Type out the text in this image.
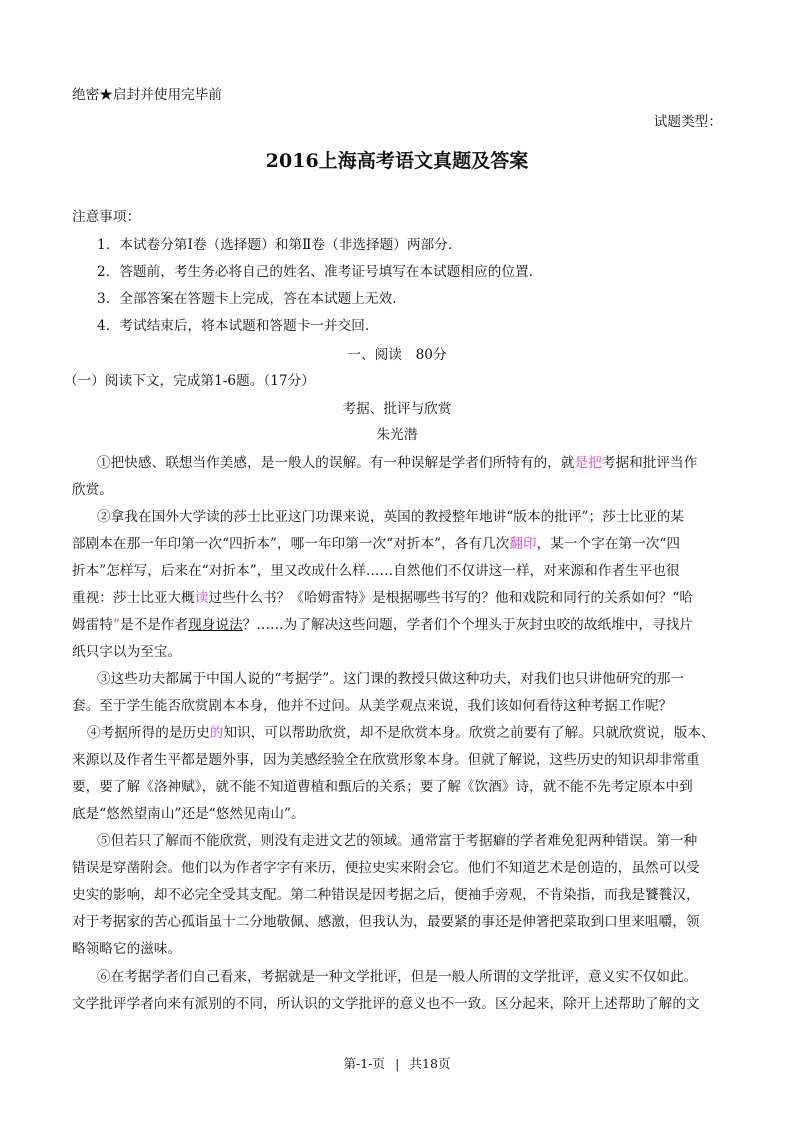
绝密★启封并使用完毕前
试题类型：
2016上海高考语文真题及答案
注意事项：
1．本试卷分第Ⅰ卷（选择题）和第Ⅱ卷（非选择题）两部分.
2．答题前，考生务必将自己的姓名、准考证号填写在本试题相应的位置.
3．全部答案在答题卡上完成，答在本试题上无效.
4．考试结束后，将本试题和答题卡一并交回.
一、阅读　80分
（一）阅读下文，完成第1-6题。（17分）
考据、批评与欣赏
朱光潜
①把快感、联想当作美感，是一般人的误解。有一种误解是学者们所特有的，就是把考据和批评当作
欣赏。
②拿我在国外大学读的莎士比亚这门功课来说，英国的教授整年地讲“版本的批评”；莎士比亚的某
部剧本在那一年印第一次“四折本”，哪一年印第一次“对折本”，各有几次翻印，某一个字在第一次“四
折本”怎样写，后来在“对折本”，里又改成什么样……自然他们不仅讲这一样，对来源和作者生平也很
重视：莎士比亚大概读过些什么书？《哈姆雷特》是根据哪些书写的？他和戏院和同行的关系如何？“哈
姆雷特”是不是作者现身说法？……为了解决这些问题，学者们个个埋头于灰封虫咬的故纸堆中，寻找片
纸只字以为至宝。
③这些功夫都属于中国人说的“考据学”。这门课的教授只做这种功夫，对我们也只讲他研究的那一
套。至于学生能否欣赏剧本本身，他并不过问。从美学观点来说，我们该如何看待这种考据工作呢？
④考据所得的是历史的知识，可以帮助欣赏，却不是欣赏本身。欣赏之前要有了解。只就欣赏说，版本、
来源以及作者生平都是题外事，因为美感经验全在欣赏形象本身。但就了解说，这些历史的知识却非常重
要，要了解《洛神赋》，就不能不知道曹植和甄后的关系；要了解《饮酒》诗，就不能不先考定原本中到
底是“悠然望南山”还是“悠然见南山”。
⑤但若只了解而不能欣赏，则没有走进文艺的领域。通常富于考据癖的学者难免犯两种错误。第一种
错误是穿凿附会。他们以为作者字字有来历，便拉史实来附会它。他们不知道艺术是创造的，虽然可以受
史实的影响，却不必完全受其支配。第二种错误是因考据之后，便袖手旁观，不肯染指，而我是饕餮汉，
对于考据家的苦心孤诣虽十二分地敬佩、感激，但我认为，最要紧的事还是伸箸把菜取到口里来咀嚼，领
略领略它的滋味。
⑥在考据学者们自己看来，考据就是一种文学批评，但是一般人所谓的文学批评，意义实不仅如此。
文学批评学者向来有派别的不同，所认识的文学批评的意义也不一致。区分起来，除开上述帮助了解的文
第-1-页 | 共18页
